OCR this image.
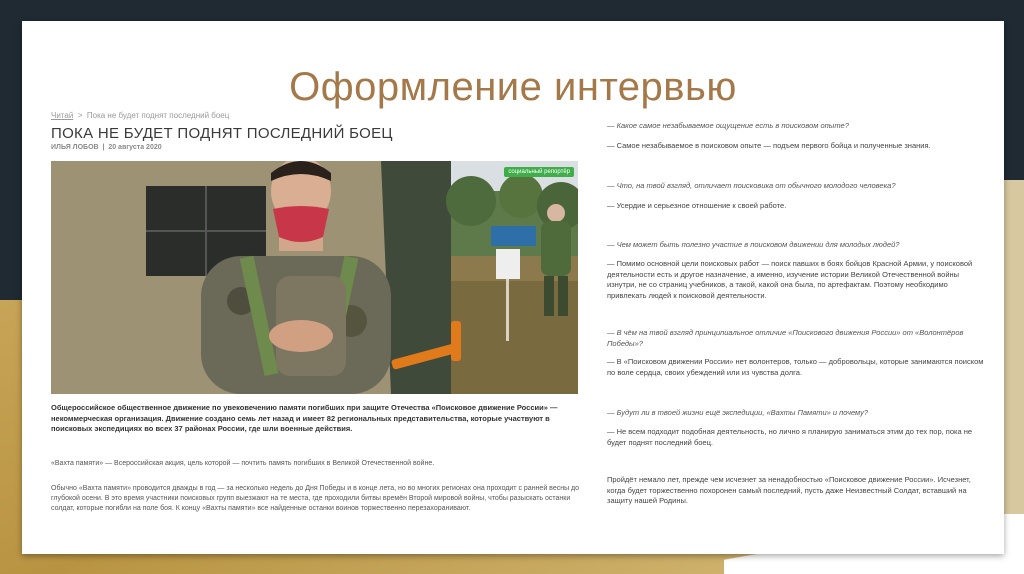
Оформление интервью
Читай > Пока не будет поднят последний боец
ПОКА НЕ БУДЕТ ПОДНЯТ ПОСЛЕДНИЙ БОЕЦ
ИЛЬЯ ЛОБОВ  |  20 августа 2020
социальный репортёр
Общероссийское общественное движение по увековечению памяти погибших при защите Отечества «Поисковое движение России» — некоммерческая организация. Движение создано семь лет назад и имеет 82 региональных представительства, которые участвуют в поисковых экспедициях во всех 37 районах России, где шли военные действия.
«Вахта памяти» — Всероссийская акция, цель которой — почтить память погибших в Великой Отечественной войне.
Обычно «Вахта памяти» проводится дважды в год — за несколько недель до Дня Победы и в конце лета, но во многих регионах она проходит с ранней весны до глубокой осени. В это время участники поисковых групп выезжают на те места, где проходили битвы времён Второй мировой войны, чтобы разыскать останки солдат, которые погибли на поле боя. К концу «Вахты памяти» все найденные останки воинов торжественно перезахоранивают.
— Какое самое незабываемое ощущение есть в поисковом опыте?
— Самое незабываемое в поисковом опыте — подъем первого бойца и полученные знания.
— Что, на твой взгляд, отличает поисковика от обычного молодого человека?
— Усердие и серьезное отношение к своей работе.
— Чем может быть полезно участие в поисковом движении для молодых людей?
— Помимо основной цели поисковых работ — поиск павших в боях бойцов Красной Армии, у поисковой деятельности есть и другое назначение, а именно, изучение истории Великой Отечественной войны изнутри, не со страниц учебников, а такой, какой она была, по артефактам. Поэтому необходимо привлекать людей к поисковой деятельности.
— В чём на твой взгляд принципиальное отличие «Поискового движения России» от «Волонтёров Победы»?
— В «Поисковом движении России» нет волонтеров, только — добровольцы, которые занимаются поиском по воле сердца, своих убеждений или из чувства долга.
— Будут ли в твоей жизни ещё экспедиции, «Вахты Памяти» и почему?
— Не всем подходит подобная деятельность, но лично я планирую заниматься этим до тех пор, пока не будет поднят последний боец.
Пройдёт немало лет, прежде чем исчезнет за ненадобностью «Поисковое движение России». Исчезнет, когда будет торжественно похоронен самый последний, пусть даже Неизвестный Солдат, вставший на защиту нашей Родины.
